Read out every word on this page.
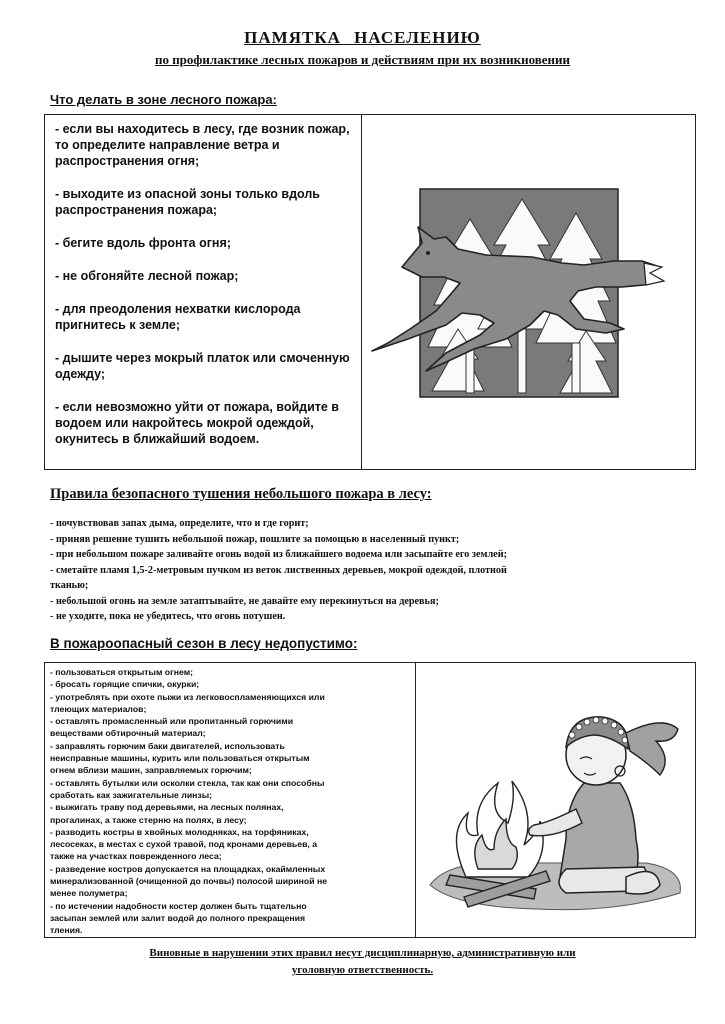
ПАМЯТКА НАСЕЛЕНИЮ
по профилактике лесных пожаров и действиям при их возникновении
Что делать в зоне лесного пожара:
- если вы находитесь в лесу, где возник пожар, то определите направление ветра и распространения огня;
- выходите из опасной зоны только вдоль распространения пожара;
- бегите вдоль фронта огня;
- не обгоняйте лесной пожар;
- для преодоления нехватки кислорода пригнитесь к земле;
- дышите через мокрый платок или смоченную одежду;
- если невозможно уйти от пожара, войдите в водоем или накройтесь мокрой одеждой, окунитесь в ближайший водоем.
Правила безопасного тушения небольшого пожара в лесу:
- почувствовав запах дыма, определите, что и где горит;
- приняв решение тушить небольшой пожар, пошлите за помощью в населенный пункт;
- при небольшом пожаре заливайте огонь водой из ближайшего водоема или засыпайте его землей;
- сметайте пламя 1,5-2-метровым пучком из веток лиственных деревьев, мокрой одеждой, плотной
тканью;
- небольшой огонь на земле затаптывайте, не давайте ему перекинуться на деревья;
- не уходите, пока не убедитесь, что огонь потушен.
В пожароопасный сезон в лесу недопустимо:
- пользоваться открытым огнем;
- бросать горящие спички, окурки;
- употреблять при охоте пыжи из легковоспламеняющихся или
тлеющих материалов;
- оставлять промасленный или пропитанный горючими
веществами обтирочный материал;
- заправлять горючим баки двигателей, использовать
неисправные машины, курить или пользоваться открытым
огнем вблизи машин, заправляемых горючим;
- оставлять бутылки или осколки стекла, так как они способны
сработать как зажигательные линзы;
- выжигать траву под деревьями, на лесных полянах,
прогалинах, а также стерню на полях, в лесу;
- разводить костры в хвойных молодняках, на торфяниках,
лесосеках, в местах с сухой травой, под кронами деревьев, а
также на участках поврежденного леса;
- разведение костров допускается на площадках, окаймленных
минерализованной (очищенной до почвы) полосой шириной не
менее полуметра;
- по истечении надобности костер должен быть тщательно
засыпан землей или залит водой до полного прекращения
тления.
Виновные в нарушении этих правил несут дисциплинарную, административную или
уголовную ответственность.
